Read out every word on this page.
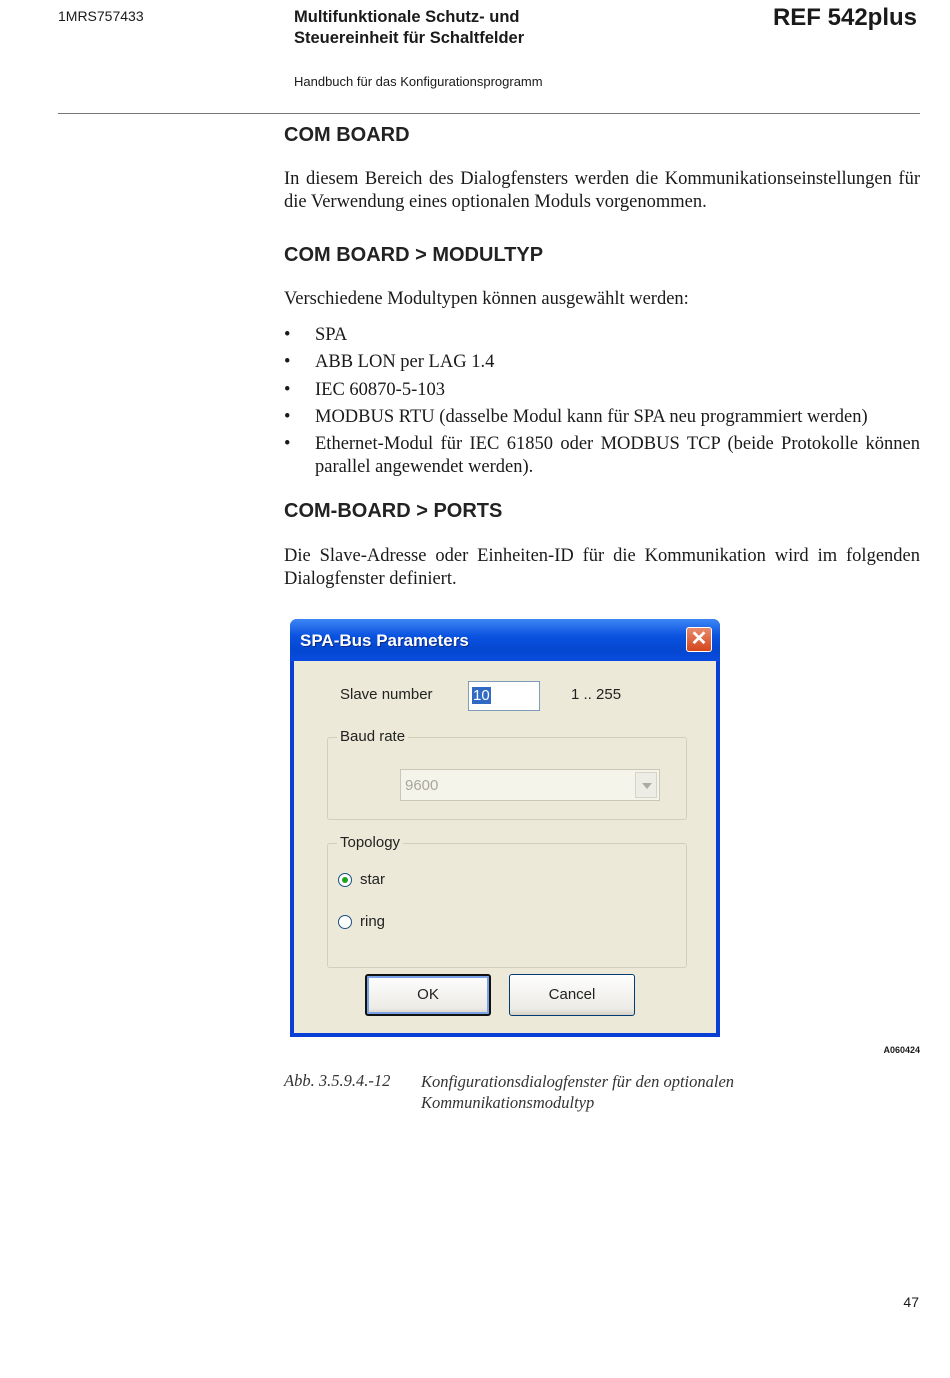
1MRS757433	Multifunktionale Schutz- und
Steuereinheit für Schaltfelder
REF 542plus
Handbuch für das Konfigurationsprogramm
COM BOARD
In diesem Bereich des Dialogfensters werden die Kommunikationseinstellungen für die Verwendung eines optionalen Moduls vorgenommen.
COM BOARD > MODULTYP
Verschiedene Modultypen können ausgewählt werden:
• SPA
• ABB LON per LAG 1.4
• IEC 60870-5-103
• MODBUS RTU (dasselbe Modul kann für SPA neu programmiert werden)
• Ethernet-Modul für IEC 61850 oder MODBUS TCP (beide Protokolle können parallel angewendet werden).
COM-BOARD > PORTS
Die Slave-Adresse oder Einheiten-ID für die Kommunikation wird im folgenden Dialogfenster definiert.
SPA-Bus Parameters	✕
Slave number	10	1 .. 255
Baud rate
9600
Topology
star
ring
OK	Cancel
A060424
Abb. 3.5.9.4.-12 Konfigurationsdialogfenster für den optionalen
Kommunikationsmodultyp
47
